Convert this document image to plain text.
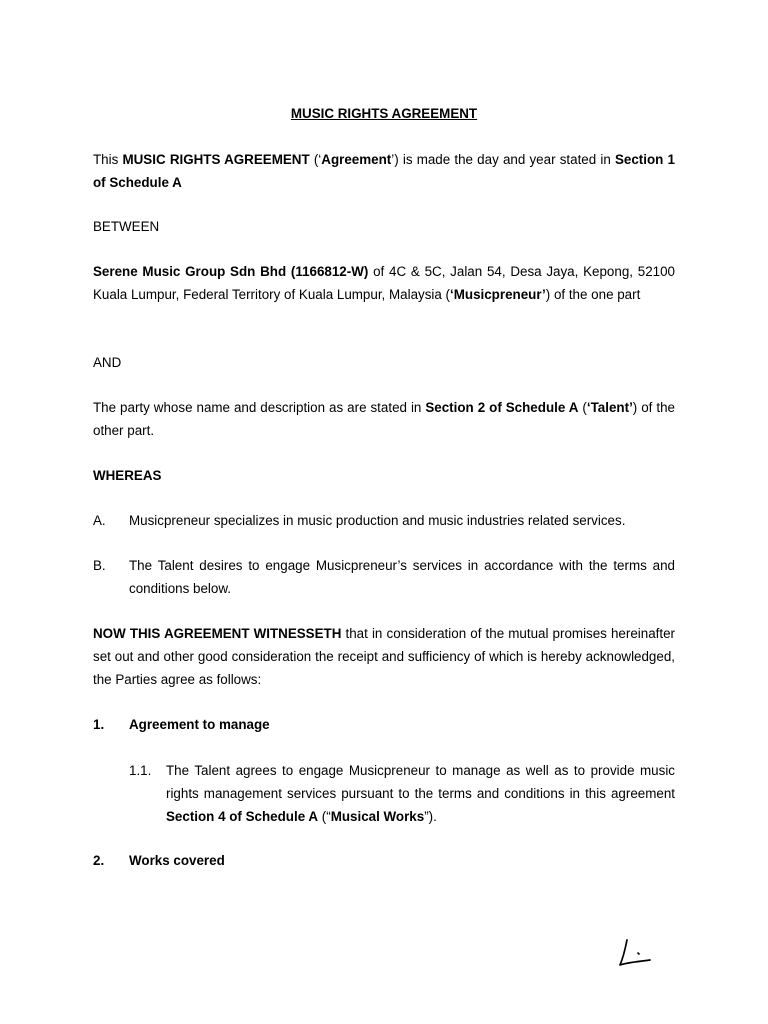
MUSIC RIGHTS AGREEMENT
This MUSIC RIGHTS AGREEMENT (‘Agreement’) is made the day and year stated in Section 1 of Schedule A
BETWEEN
Serene Music Group Sdn Bhd (1166812-W) of 4C & 5C, Jalan 54, Desa Jaya, Kepong, 52100 Kuala Lumpur, Federal Territory of Kuala Lumpur, Malaysia (‘Musicpreneur’) of the one part
AND
The party whose name and description as are stated in Section 2 of Schedule A (‘Talent’) of the other part.
WHEREAS
A. Musicpreneur specializes in music production and music industries related services.
B. The Talent desires to engage Musicpreneur’s services in accordance with the terms and conditions below.
NOW THIS AGREEMENT WITNESSETH that in consideration of the mutual promises hereinafter set out and other good consideration the receipt and sufficiency of which is hereby acknowledged, the Parties agree as follows:
1. Agreement to manage
1.1. The Talent agrees to engage Musicpreneur to manage as well as to provide music rights management services pursuant to the terms and conditions in this agreement Section 4 of Schedule A (“Musical Works”).
2. Works covered
